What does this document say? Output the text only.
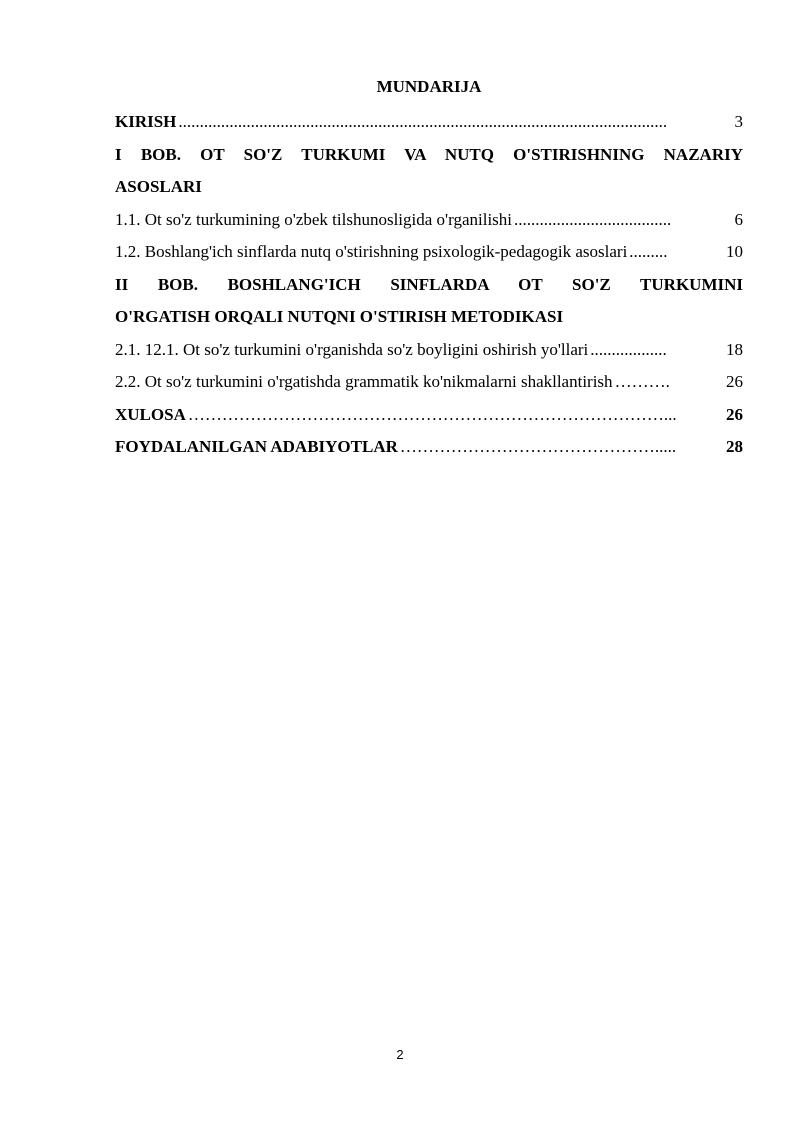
MUNDARIJA
KIRISH ...................................................................................................................	3
I BOB. OT SO'Z TURKUMI VA NUTQ O'STIRISHNING NAZARIY
ASOSLARI
1.1. Ot so'z turkumining o'zbek tilshunosligida o'rganilishi .....................................	6
1.2. Boshlang'ich sinflarda nutq o'stirishning psixologik-pedagogik asoslari .........	10
II BOB. BOSHLANG'ICH SINFLARDA OT SO'Z TURKUMINI
O'RGATISH ORQALI NUTQNI O'STIRISH METODIKASI
2.1. 12.1. Ot so'z turkumini o'rganishda so'z boyligini oshirish yo'llari ..................	18
2.2. Ot so'z turkumini o'rgatishda grammatik ko'nikmalarni shakllantirish ……….	26
XULOSA …………………………………………………………………………...	26
FOYDALANILGAN ADABIYOTLAR ……………………………………….....	28
2
